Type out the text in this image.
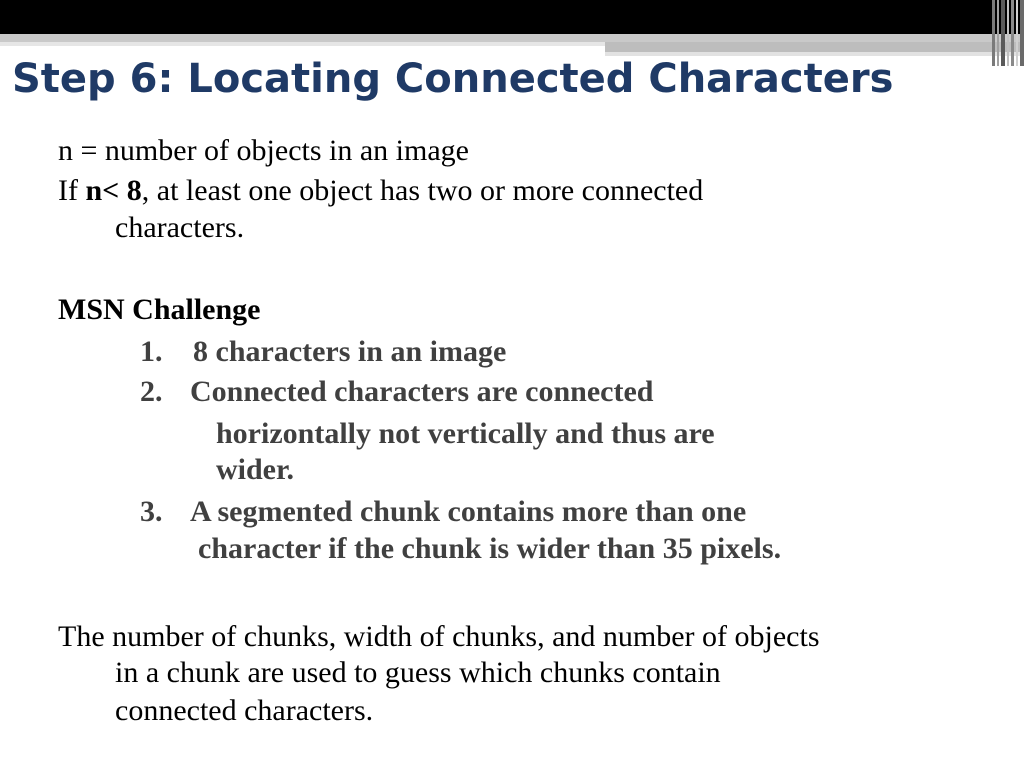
Step 6: Locating Connected Characters
n = number of objects in an image
If n< 8, at least one object has two or more connected
characters.
MSN Challenge
1. 8 characters in an image
2. Connected characters are connected
horizontally not vertically and thus are
wider.
3. A segmented chunk contains more than one
character if the chunk is wider than 35 pixels.
The number of chunks, width of chunks, and number of objects
in a chunk are used to guess which chunks contain
connected characters.
